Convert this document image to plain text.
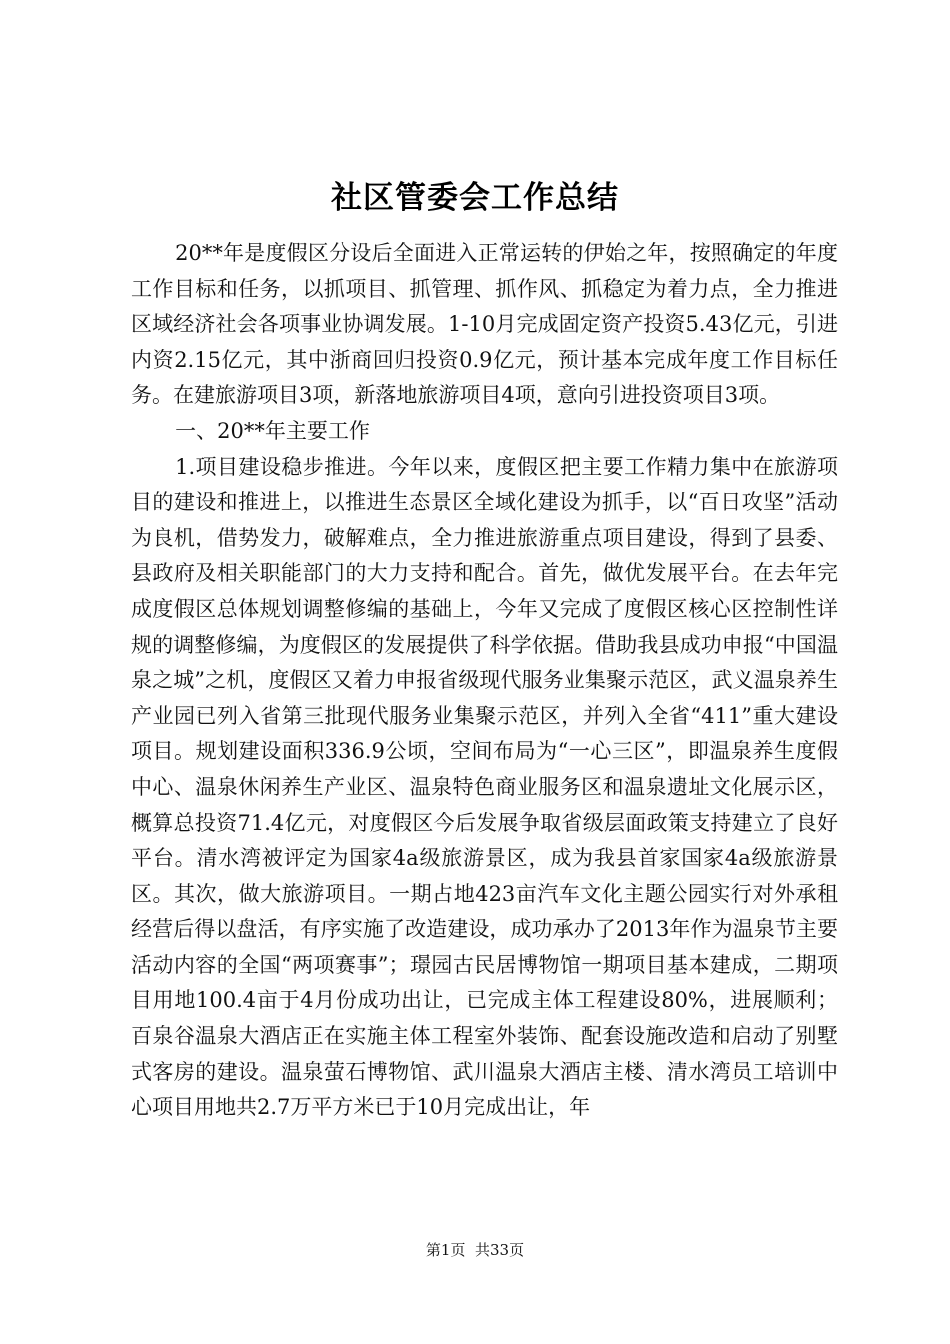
社区管委会工作总结

20**年是度假区分设后全面进入正常运转的伊始之年，按照确定的年度工作目标和任务，以抓项目、抓管理、抓作风、抓稳定为着力点，全力推进区域经济社会各项事业协调发展。1-10月完成固定资产投资5.43亿元，引进内资2.15亿元，其中浙商回归投资0.9亿元，预计基本完成年度工作目标任务。在建旅游项目3项，新落地旅游项目4项，意向引进投资项目3项。

一、20**年主要工作

1.项目建设稳步推进。今年以来，度假区把主要工作精力集中在旅游项目的建设和推进上，以推进生态景区全域化建设为抓手，以“百日攻坚”活动为良机，借势发力，破解难点，全力推进旅游重点项目建设，得到了县委、县政府及相关职能部门的大力支持和配合。首先，做优发展平台。在去年完成度假区总体规划调整修编的基础上，今年又完成了度假区核心区控制性详规的调整修编，为度假区的发展提供了科学依据。借助我县成功申报“中国温泉之城”之机，度假区又着力申报省级现代服务业集聚示范区，武义温泉养生产业园已列入省第三批现代服务业集聚示范区，并列入全省“411”重大建设项目。规划建设面积336.9公顷，空间布局为“一心三区”，即温泉养生度假中心、温泉休闲养生产业区、温泉特色商业服务区和温泉遗址文化展示区，概算总投资71.4亿元，对度假区今后发展争取省级层面政策支持建立了良好平台。清水湾被评定为国家4a级旅游景区，成为我县首家国家4a级旅游景区。其次，做大旅游项目。一期占地423亩汽车文化主题公园实行对外承租经营后得以盘活，有序实施了改造建设，成功承办了2013年作为温泉节主要活动内容的全国“两项赛事”；璟园古民居博物馆一期项目基本建成，二期项目用地100.4亩于4月份成功出让，已完成主体工程建设80%，进展顺利；百泉谷温泉大酒店正在实施主体工程室外装饰、配套设施改造和启动了别墅式客房的建设。温泉萤石博物馆、武川温泉大酒店主楼、清水湾员工培训中心项目用地共2.7万平方米已于10月完成出让，年

第1页  共33页
